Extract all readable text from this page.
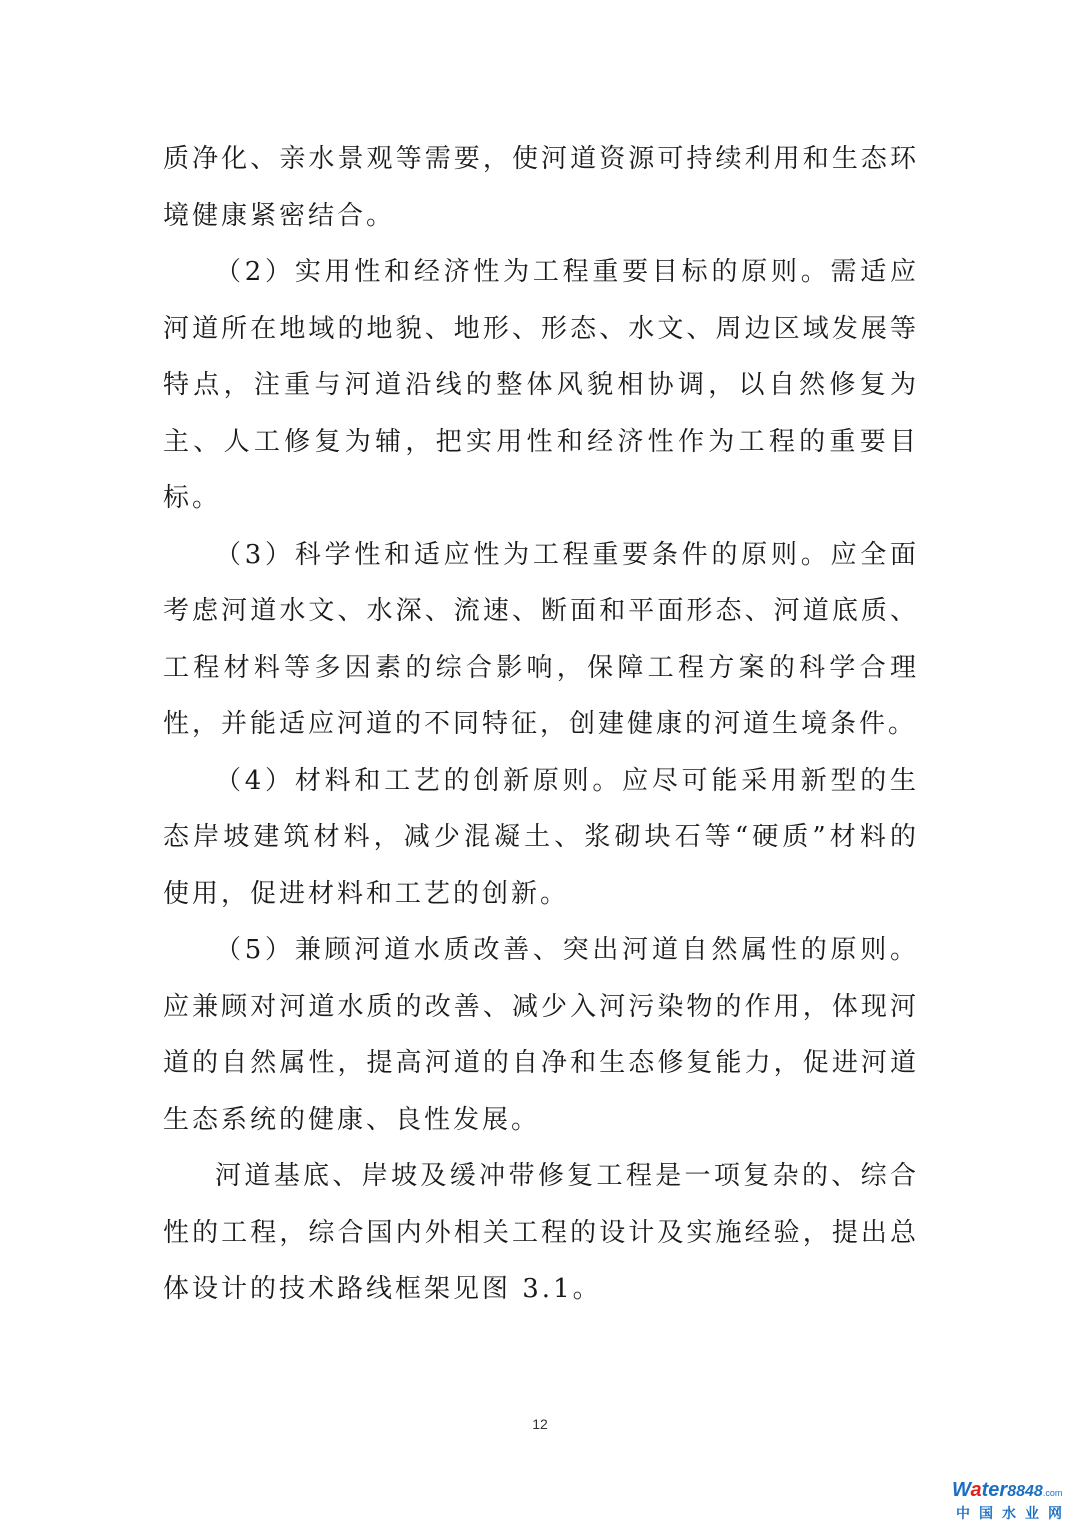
质净化、亲水景观等需要，使河道资源可持续利用和生态环境健康紧密结合。

（2）实用性和经济性为工程重要目标的原则。需适应河道所在地域的地貌、地形、形态、水文、周边区域发展等特点，注重与河道沿线的整体风貌相协调，以自然修复为主、人工修复为辅，把实用性和经济性作为工程的重要目标。

（3）科学性和适应性为工程重要条件的原则。应全面考虑河道水文、水深、流速、断面和平面形态、河道底质、工程材料等多因素的综合影响，保障工程方案的科学合理性，并能适应河道的不同特征，创建健康的河道生境条件。

（4）材料和工艺的创新原则。应尽可能采用新型的生态岸坡建筑材料，减少混凝土、浆砌块石等“硬质”材料的使用，促进材料和工艺的创新。

（5）兼顾河道水质改善、突出河道自然属性的原则。应兼顾对河道水质的改善、减少入河污染物的作用，体现河道的自然属性，提高河道的自净和生态修复能力，促进河道生态系统的健康、良性发展。

河道基底、岸坡及缓冲带修复工程是一项复杂的、综合性的工程，综合国内外相关工程的设计及实施经验，提出总体设计的技术路线框架见图 3.1。

12
Water8848.com
中国水业网
